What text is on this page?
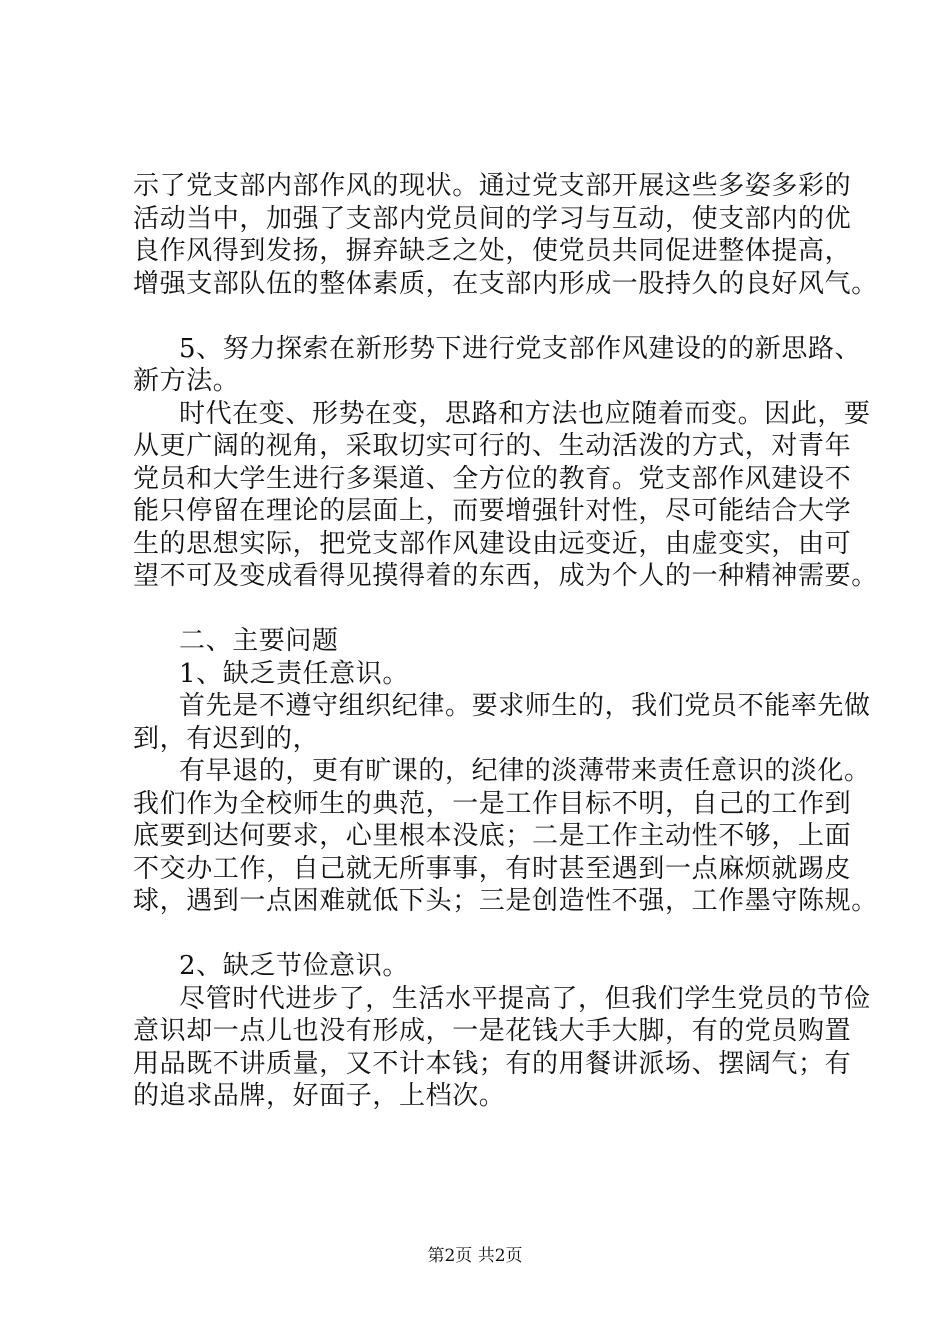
示了党支部内部作风的现状。通过党支部开展这些多姿多彩的
活动当中，加强了支部内党员间的学习与互动，使支部内的优
良作风得到发扬，摒弃缺乏之处，使党员共同促进整体提高，
增强支部队伍的整体素质，在支部内形成一股持久的良好风气。
5、努力探索在新形势下进行党支部作风建设的的新思路、
新方法。
时代在变、形势在变，思路和方法也应随着而变。因此，要
从更广阔的视角，采取切实可行的、生动活泼的方式，对青年
党员和大学生进行多渠道、全方位的教育。党支部作风建设不
能只停留在理论的层面上，而要增强针对性，尽可能结合大学
生的思想实际，把党支部作风建设由远变近，由虚变实，由可
望不可及变成看得见摸得着的东西，成为个人的一种精神需要。
二、主要问题
1、缺乏责任意识。
首先是不遵守组织纪律。要求师生的，我们党员不能率先做
到，有迟到的，
有早退的，更有旷课的，纪律的淡薄带来责任意识的淡化。
我们作为全校师生的典范，一是工作目标不明，自己的工作到
底要到达何要求，心里根本没底；二是工作主动性不够，上面
不交办工作，自己就无所事事，有时甚至遇到一点麻烦就踢皮
球，遇到一点困难就低下头；三是创造性不强，工作墨守陈规。
2、缺乏节俭意识。
尽管时代进步了，生活水平提高了，但我们学生党员的节俭
意识却一点儿也没有形成，一是花钱大手大脚，有的党员购置
用品既不讲质量，又不计本钱；有的用餐讲派场、摆阔气；有
的追求品牌，好面子，上档次。
第2页 共2页
